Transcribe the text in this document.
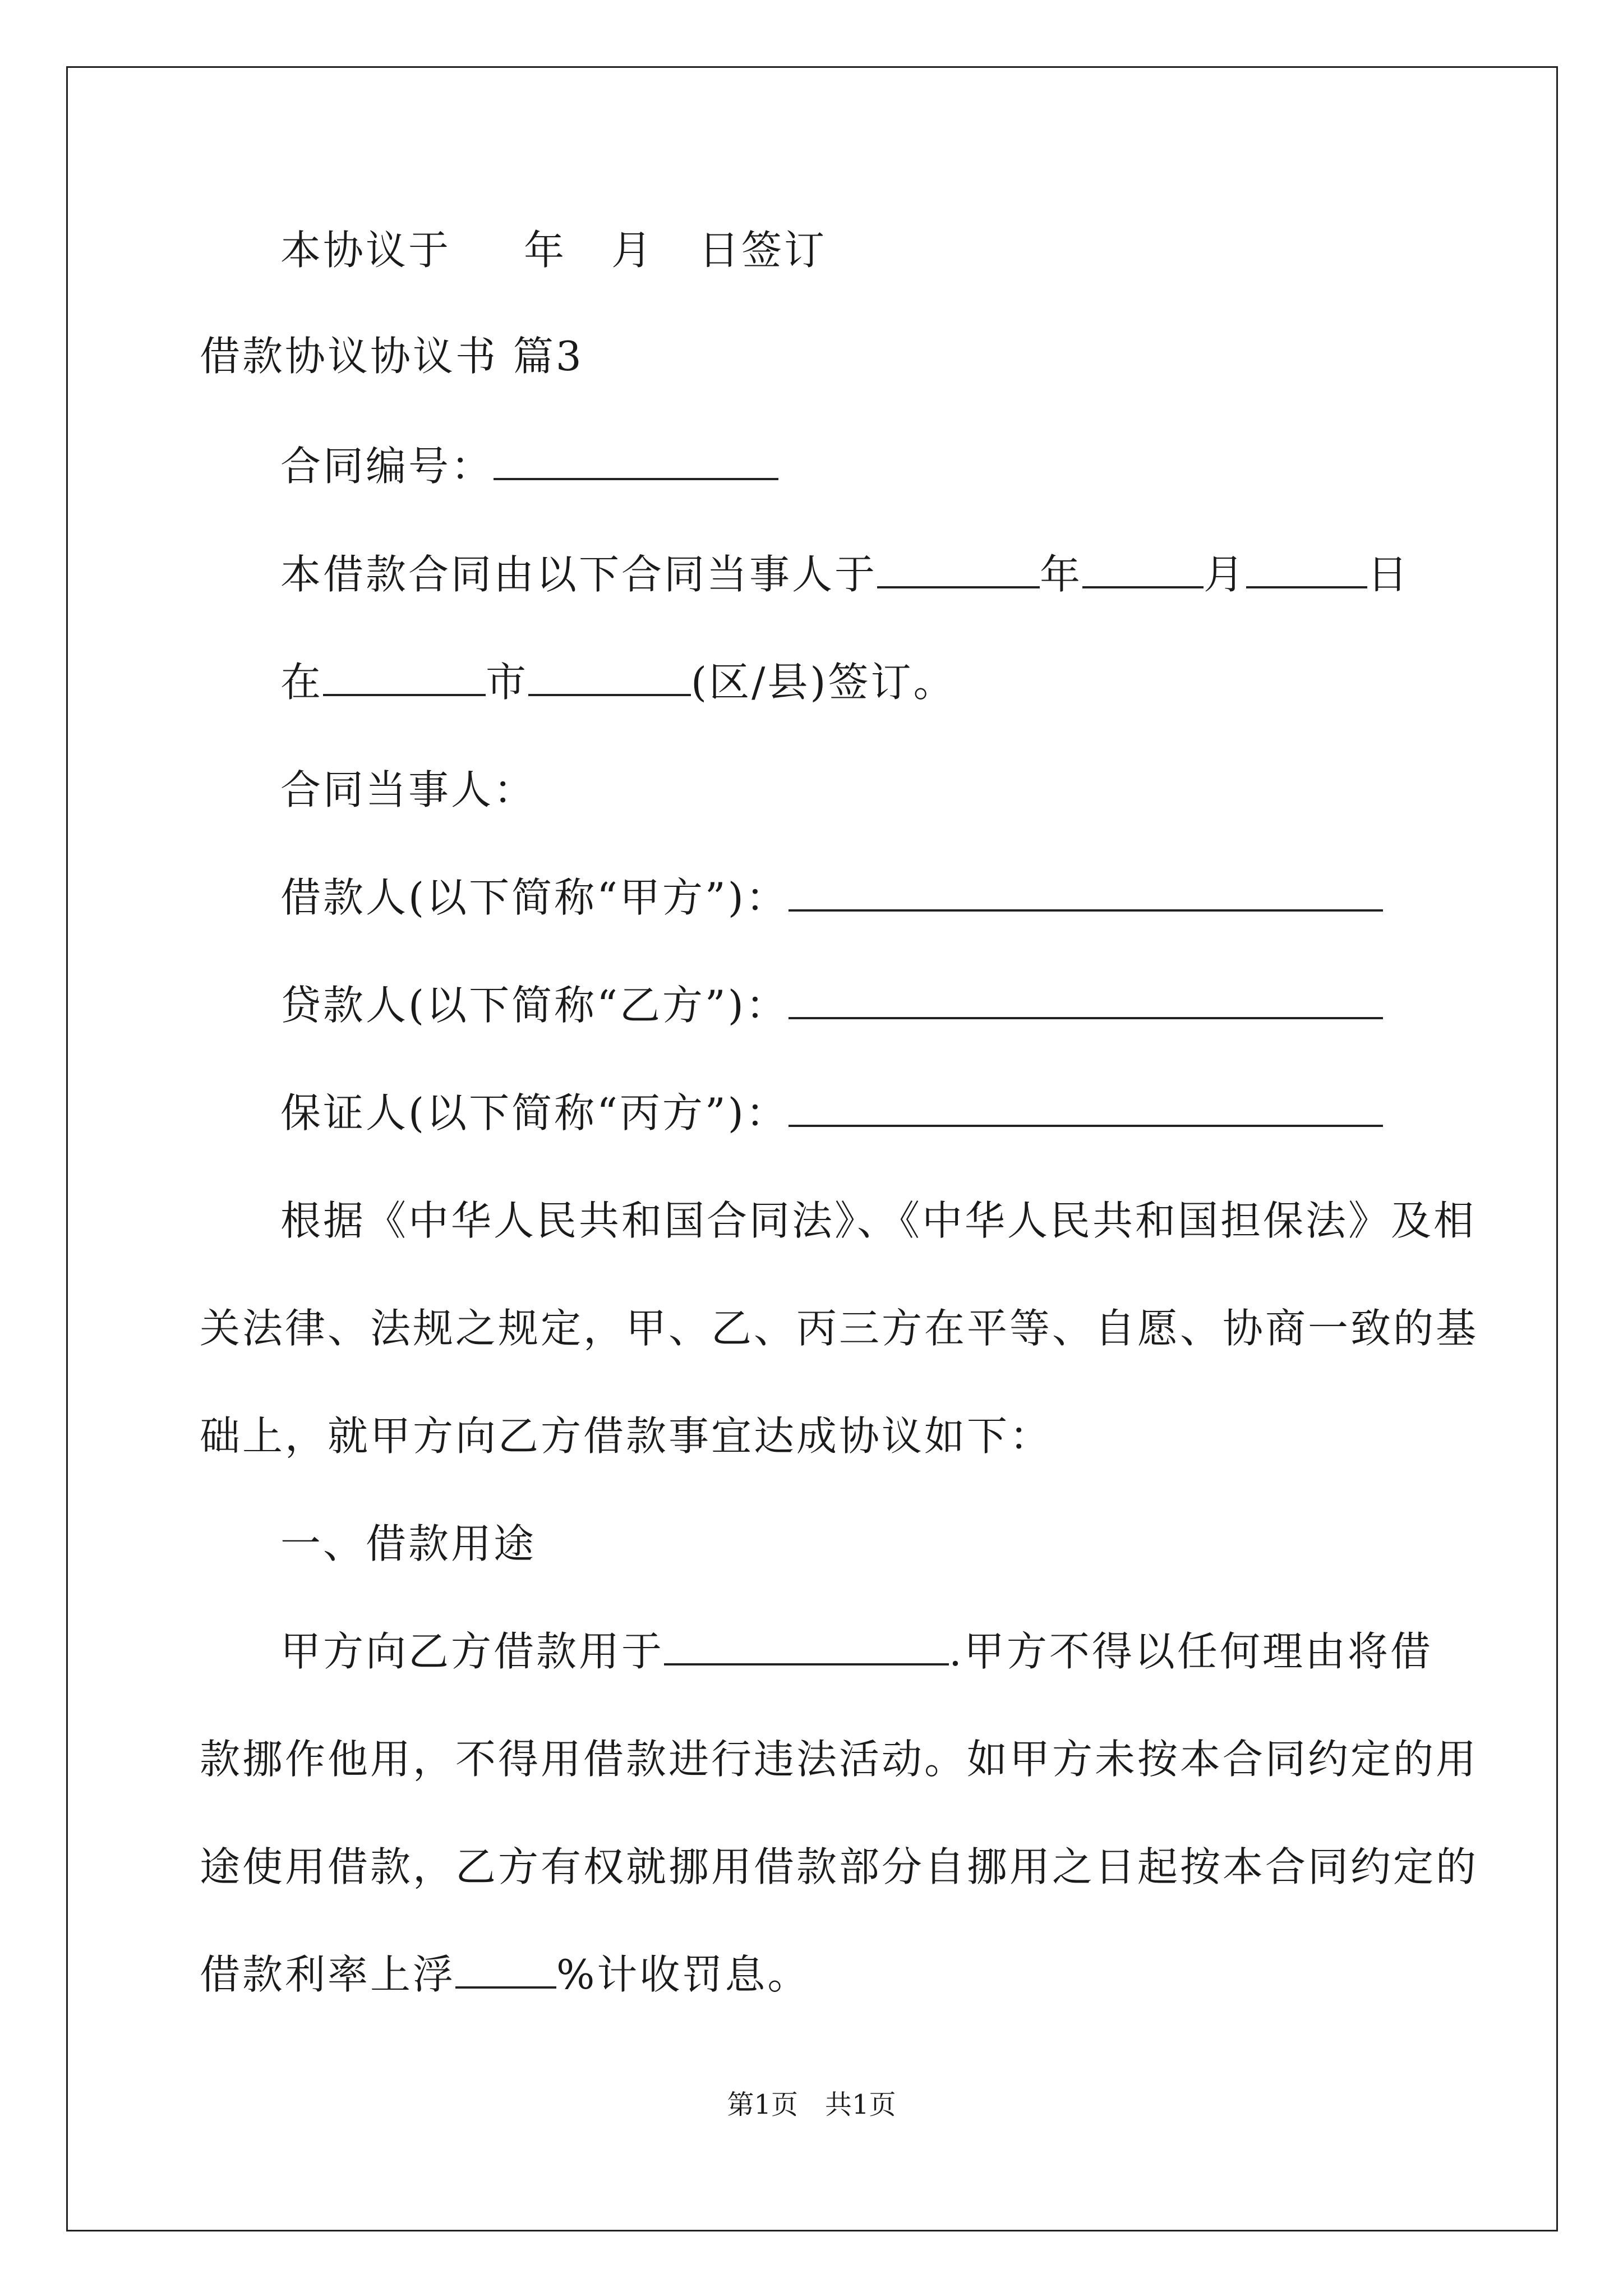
本协议于 年 月 日签订
借款协议协议书 篇3
合同编号：
本借款合同由以下合同当事人于	年	月	日
在	市	(区/县)签订。
合同当事人：
借款人(以下简称“甲方”)：
贷款人(以下简称“乙方”)：
保证人(以下简称“丙方”)：
根据《中华人民共和国合同法》、《中华人民共和国担保法》及相
关法律、法规之规定，甲、乙、丙三方在平等、自愿、协商一致的基
础上，就甲方向乙方借款事宜达成协议如下：
一、借款用途
甲方向乙方借款用于	.甲方不得以任何理由将借
款挪作他用，不得用借款进行违法活动。如甲方未按本合同约定的用
途使用借款，乙方有权就挪用借款部分自挪用之日起按本合同约定的
借款利率上浮	%计收罚息。
第1页　共1页
